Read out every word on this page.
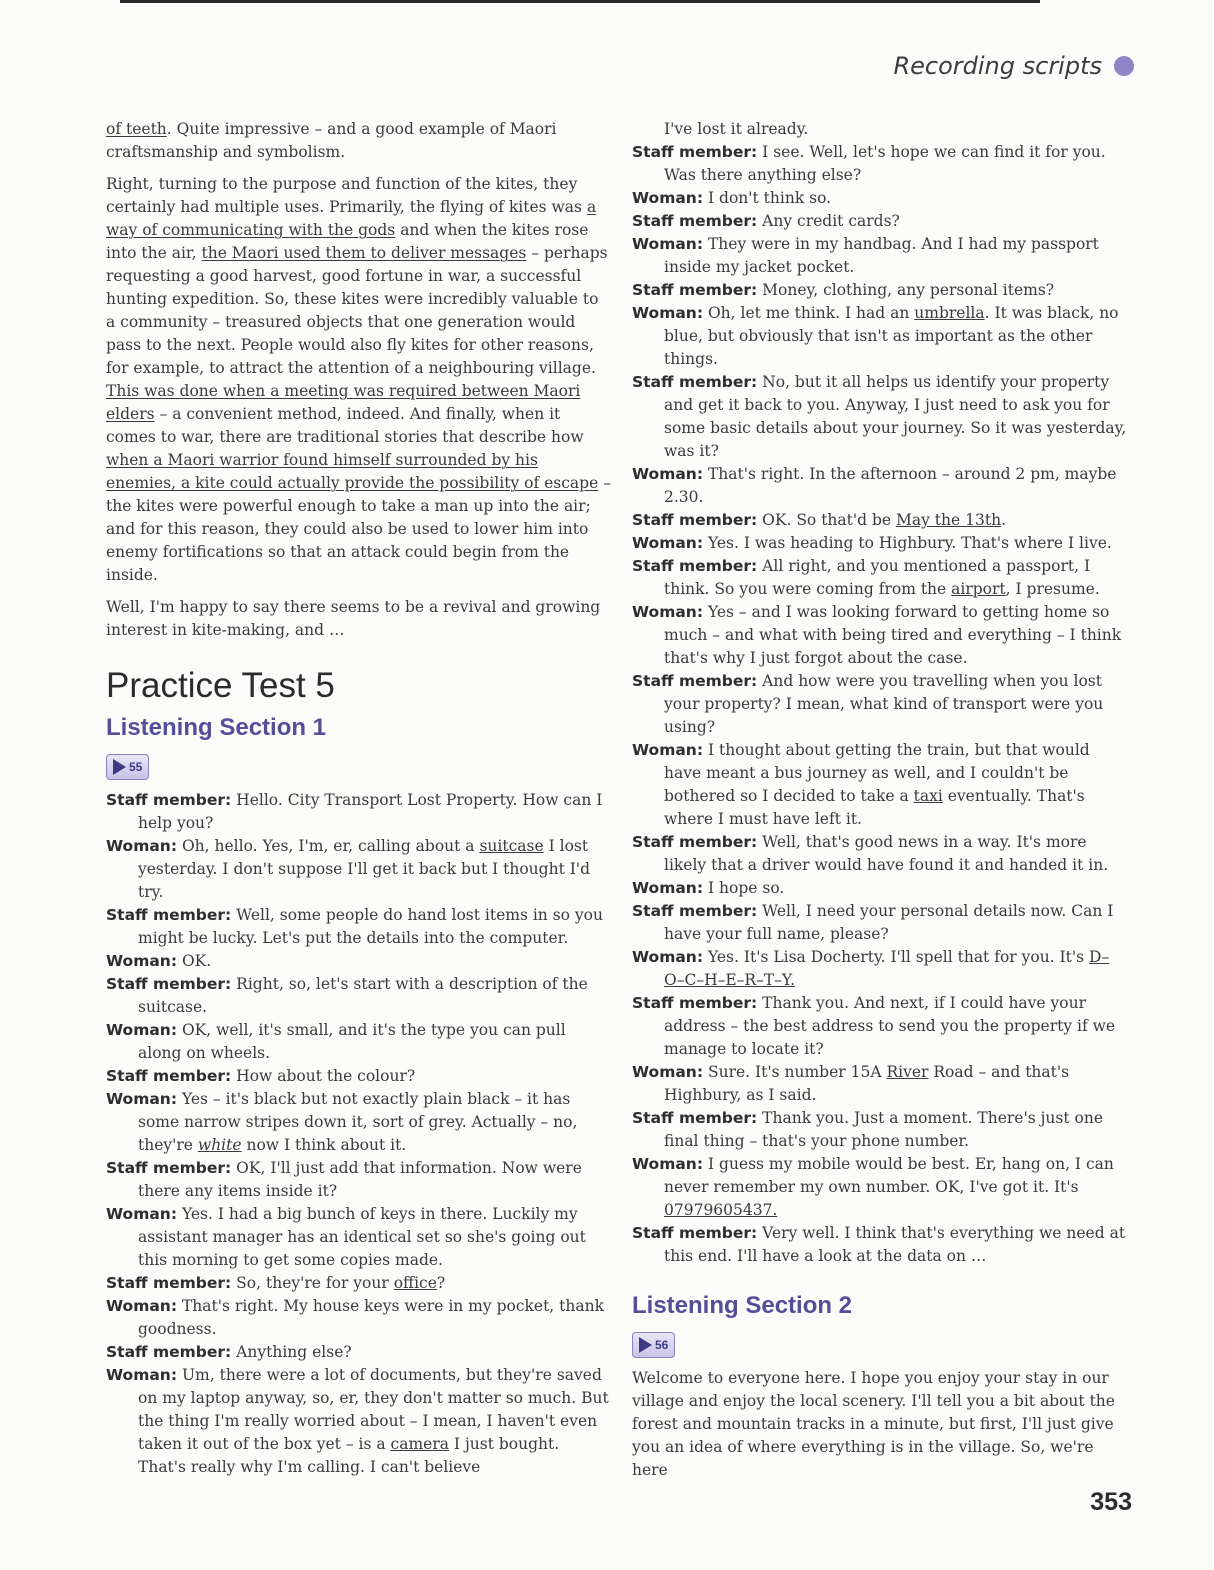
Recording scripts

of teeth. Quite impressive – and a good example of Maori craftsmanship and symbolism.

Right, turning to the purpose and function of the kites, they certainly had multiple uses. Primarily, the flying of kites was a way of communicating with the gods and when the kites rose into the air, the Maori used them to deliver messages – perhaps requesting a good harvest, good fortune in war, a successful hunting expedition. So, these kites were incredibly valuable to a community – treasured objects that one generation would pass to the next. People would also fly kites for other reasons, for example, to attract the attention of a neighbouring village. This was done when a meeting was required between Maori elders – a convenient method, indeed. And finally, when it comes to war, there are traditional stories that describe how when a Maori warrior found himself surrounded by his enemies, a kite could actually provide the possibility of escape – the kites were powerful enough to take a man up into the air; and for this reason, they could also be used to lower him into enemy fortifications so that an attack could begin from the inside.

Well, I'm happy to say there seems to be a revival and growing interest in kite-making, and …

Practice Test 5
Listening Section 1
55
Staff member: Hello. City Transport Lost Property. How can I help you?
Woman: Oh, hello. Yes, I'm, er, calling about a suitcase I lost yesterday. I don't suppose I'll get it back but I thought I'd try.
Staff member: Well, some people do hand lost items in so you might be lucky. Let's put the details into the computer.
Woman: OK.
Staff member: Right, so, let's start with a description of the suitcase.
Woman: OK, well, it's small, and it's the type you can pull along on wheels.
Staff member: How about the colour?
Woman: Yes – it's black but not exactly plain black – it has some narrow stripes down it, sort of grey. Actually – no, they're white now I think about it.
Staff member: OK, I'll just add that information. Now were there any items inside it?
Woman: Yes. I had a big bunch of keys in there. Luckily my assistant manager has an identical set so she's going out this morning to get some copies made.
Staff member: So, they're for your office?
Woman: That's right. My house keys were in my pocket, thank goodness.
Staff member: Anything else?
Woman: Um, there were a lot of documents, but they're saved on my laptop anyway, so, er, they don't matter so much. But the thing I'm really worried about – I mean, I haven't even taken it out of the box yet – is a camera I just bought. That's really why I'm calling. I can't believe
I've lost it already.
Staff member: I see. Well, let's hope we can find it for you. Was there anything else?
Woman: I don't think so.
Staff member: Any credit cards?
Woman: They were in my handbag. And I had my passport inside my jacket pocket.
Staff member: Money, clothing, any personal items?
Woman: Oh, let me think. I had an umbrella. It was black, no blue, but obviously that isn't as important as the other things.
Staff member: No, but it all helps us identify your property and get it back to you. Anyway, I just need to ask you for some basic details about your journey. So it was yesterday, was it?
Woman: That's right. In the afternoon – around 2 pm, maybe 2.30.
Staff member: OK. So that'd be May the 13th.
Woman: Yes. I was heading to Highbury. That's where I live.
Staff member: All right, and you mentioned a passport, I think. So you were coming from the airport, I presume.
Woman: Yes – and I was looking forward to getting home so much – and what with being tired and everything – I think that's why I just forgot about the case.
Staff member: And how were you travelling when you lost your property? I mean, what kind of transport were you using?
Woman: I thought about getting the train, but that would have meant a bus journey as well, and I couldn't be bothered so I decided to take a taxi eventually. That's where I must have left it.
Staff member: Well, that's good news in a way. It's more likely that a driver would have found it and handed it in.
Woman: I hope so.
Staff member: Well, I need your personal details now. Can I have your full name, please?
Woman: Yes. It's Lisa Docherty. I'll spell that for you. It's D–O–C–H–E–R–T–Y.
Staff member: Thank you. And next, if I could have your address – the best address to send you the property if we manage to locate it?
Woman: Sure. It's number 15A River Road – and that's Highbury, as I said.
Staff member: Thank you. Just a moment. There's just one final thing – that's your phone number.
Woman: I guess my mobile would be best. Er, hang on, I can never remember my own number. OK, I've got it. It's 07979605437.
Staff member: Very well. I think that's everything we need at this end. I'll have a look at the data on …
Listening Section 2
56

Welcome to everyone here. I hope you enjoy your stay in our village and enjoy the local scenery. I'll tell you a bit about the forest and mountain tracks in a minute, but first, I'll just give you an idea of where everything is in the village. So, we're here

353
